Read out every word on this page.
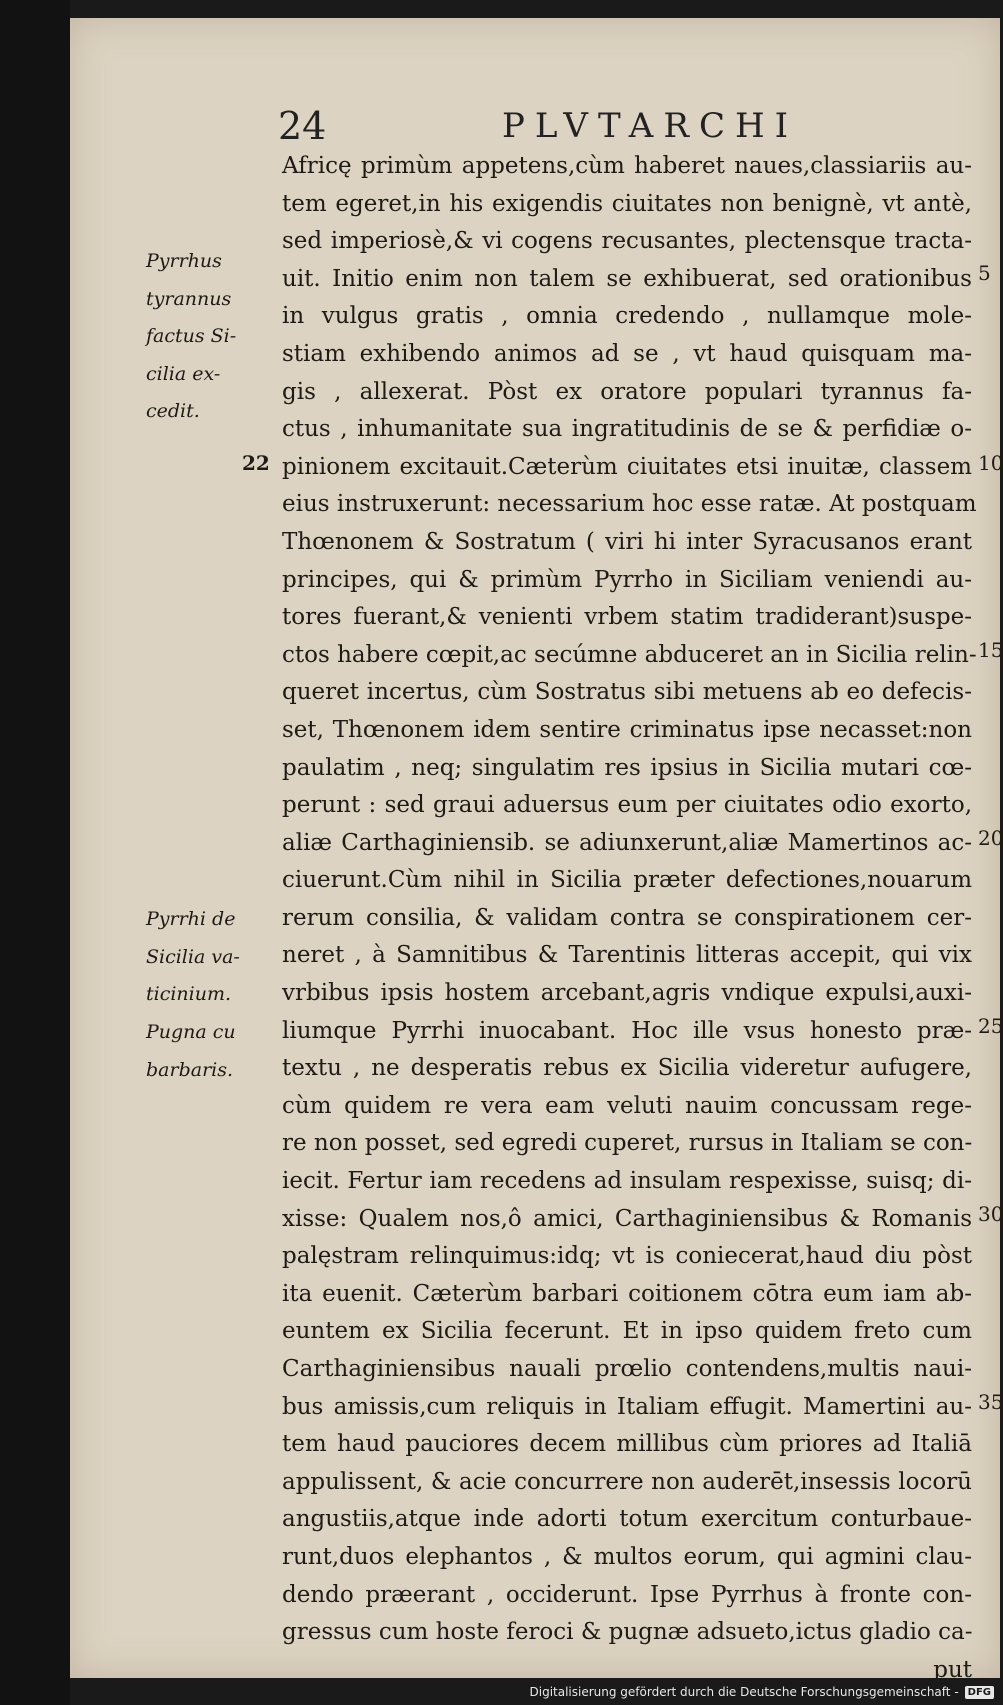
24	PLVTARCHI
Africę primùm appetens,cùm haberet naues,classiariis au-
tem egeret,in his exigendis ciuitates non benignè, vt antè,
sed imperiosè,& vi cogens recusantes, plectensque tracta-
uit. Initio enim non talem se exhibuerat, sed orationibus
in vulgus gratis , omnia credendo , nullamque mole-
stiam exhibendo animos ad se , vt haud quisquam ma-
gis , allexerat. Pòst ex oratore populari tyrannus fa-
ctus , inhumanitate sua ingratitudinis de se & perfidiæ o-
pinionem excitauit.Cæterùm ciuitates etsi inuitæ, classem
eius instruxerunt: necessarium hoc esse ratæ. At postquam
Thœnonem & Sostratum ( viri hi inter Syracusanos erant
principes, qui & primùm Pyrrho in Siciliam veniendi au-
tores fuerant,& venienti vrbem statim tradiderant)suspe-
ctos habere cœpit,ac secúmne abduceret an in Sicilia relin-
queret incertus, cùm Sostratus sibi metuens ab eo defecis-
set, Thœnonem idem sentire criminatus ipse necasset:non
paulatim , neq; singulatim res ipsius in Sicilia mutari cœ-
perunt : sed graui aduersus eum per ciuitates odio exorto,
aliæ Carthaginiensib. se adiunxerunt,aliæ Mamertinos ac-
ciuerunt.Cùm nihil in Sicilia præter defectiones,nouarum
rerum consilia, & validam contra se conspirationem cer-
neret , à Samnitibus & Tarentinis litteras accepit, qui vix
vrbibus ipsis hostem arcebant,agris vndique expulsi,auxi-
liumque Pyrrhi inuocabant. Hoc ille vsus honesto præ-
textu , ne desperatis rebus ex Sicilia videretur aufugere,
cùm quidem re vera eam veluti nauim concussam rege-
re non posset, sed egredi cuperet, rursus in Italiam se con-
iecit. Fertur iam recedens ad insulam respexisse, suisq; di-
xisse: Qualem nos,ô amici, Carthaginiensibus & Romanis
palęstram relinquimus:idq; vt is coniecerat,haud diu pòst
ita euenit. Cæterùm barbari coitionem cōtra eum iam ab-
euntem ex Sicilia fecerunt. Et in ipso quidem freto cum
Carthaginiensibus nauali prœlio contendens,multis naui-
bus amissis,cum reliquis in Italiam effugit. Mamertini au-
tem haud pauciores decem millibus cùm priores ad Italiā
appulissent, & acie concurrere non auderēt,insessis locorū
angustiis,atque inde adorti totum exercitum conturbaue-
runt,duos elephantos , & multos eorum, qui agmini clau-
dendo præerant , occiderunt. Ipse Pyrrhus à fronte con-
gressus cum hoste feroci & pugnæ adsueto,ictus gladio ca-
put
Pyrrhus
tyrannus
factus Si-
cilia ex-
cedit.
Pyrrhi de
Sicilia va-
ticinium.
Pugna cu
barbaris.
22
5
10
15
20
25
30
35
Digitalisierung gefördert durch die Deutsche Forschungsgemeinschaft - DFG
